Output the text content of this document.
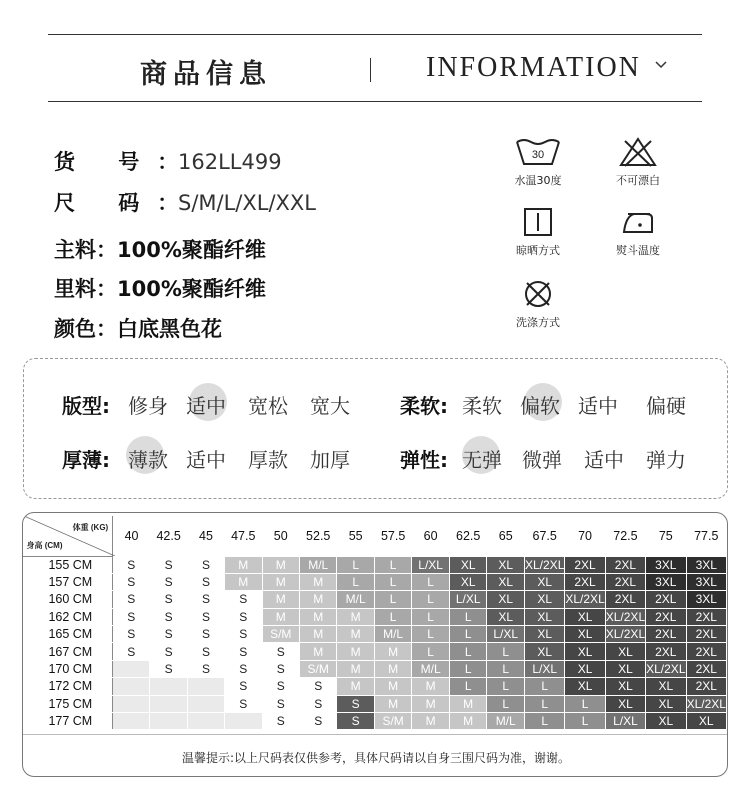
商品信息	INFORMATION
货 号：162LL499
尺 码：S/M/L/XL/XXL
主料：100%聚酯纤维
里料：100%聚酯纤维
颜色：白底黑色花
30
水温30度	不可漂白
晾晒方式	熨斗温度
洗涤方式
版型: 修身 适中 宽松 宽大	柔软: 柔软 偏软 适中 偏硬
厚薄: 薄款 适中 厚款 加厚	弹性: 无弹 微弹 适中 弹力
体重 (KG)
身高 (CM)	40	42.5	45	47.5	50	52.5	55	57.5	60	62.5	65	67.5	70	72.5	75	77.5
155 CM	S	S	S	M	M	M/L	L	L	L/XL	XL	XL	XL/2XL	2XL	2XL	3XL	3XL
157 CM	S	S	S	M	M	M	L	L	L	XL	XL	XL	2XL	2XL	3XL	3XL
160 CM	S	S	S	S	M	M	M/L	L	L	L/XL	XL	XL	XL/2XL	2XL	2XL	3XL
162 CM	S	S	S	S	M	M	M	L	L	L	XL	XL	XL	XL/2XL	2XL	2XL
165 CM	S	S	S	S	S/M	M	M	M/L	L	L	L/XL	XL	XL	XL/2XL	2XL	2XL
167 CM	S	S	S	S	S	M	M	M	L	L	L	XL	XL	XL	2XL	2XL
170 CM		S	S	S	S	S/M	M	M	M/L	L	L	L/XL	XL	XL	XL/2XL	2XL
172 CM				S	S	S	M	M	M	L	L	L	XL	XL	XL	2XL
175 CM				S	S	S	S	M	M	M	L	L	L	XL	XL	XL/2XL
177 CM					S	S	S	S/M	M	M	M/L	L	L	L/XL	XL	XL
温馨提示:以上尺码表仅供参考，具体尺码请以自身三围尺码为准，谢谢。
